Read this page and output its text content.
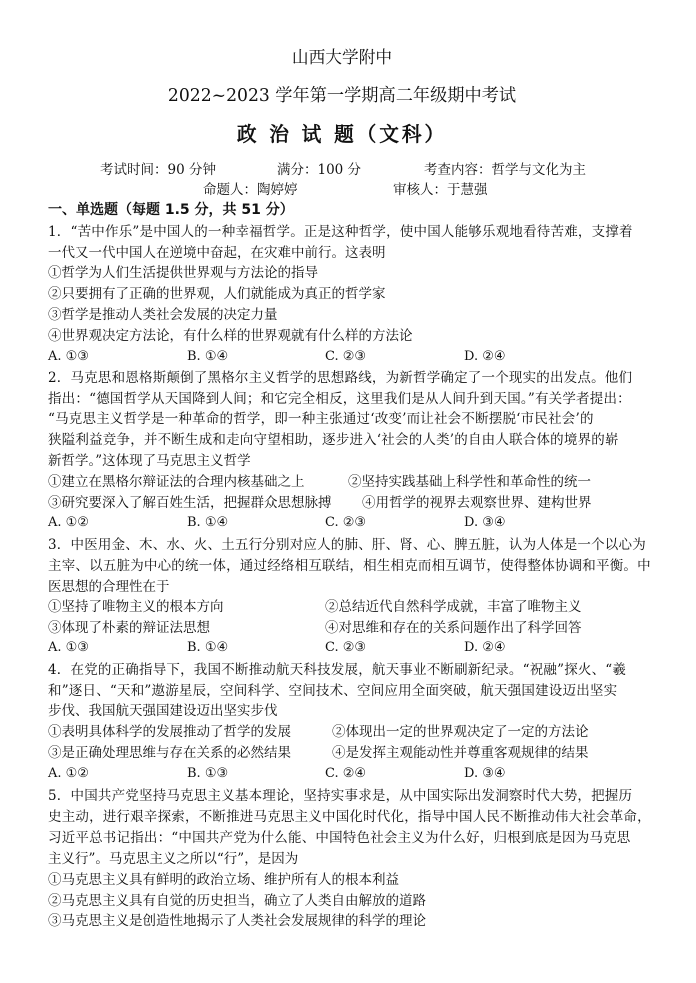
山西大学附中
2022~2023 学年第一学期高二年级期中考试
政 治 试 题（文科）
考试时间：90 分钟	满分：100 分	考查内容：哲学与文化为主
命题人：陶婷婷	审核人：于慧强
一、单选题（每题 1.5 分，共 51 分）
1．“苦中作乐”是中国人的一种幸福哲学。正是这种哲学，使中国人能够乐观地看待苦难，支撑着
一代又一代中国人在逆境中奋起，在灾难中前行。这表明
①哲学为人们生活提供世界观与方法论的指导
②只要拥有了正确的世界观，人们就能成为真正的哲学家
③哲学是推动人类社会发展的决定力量
④世界观决定方法论，有什么样的世界观就有什么样的方法论
A. ①③	B. ①④	C. ②③	D. ②④
2．马克思和恩格斯颠倒了黑格尔主义哲学的思想路线，为新哲学确定了一个现实的出发点。他们
指出：“德国哲学从天国降到人间；和它完全相反，这里我们是从人间升到天国。”有关学者提出：
“马克思主义哲学是一种革命的哲学，即一种主张通过‘改变’而让社会不断摆脱‘市民社会’的
狭隘利益竞争，并不断生成和走向守望相助，逐步进入‘社会的人类’的自由人联合体的境界的崭
新哲学。”这体现了马克思主义哲学
①建立在黑格尔辩证法的合理内核基础之上	②坚持实践基础上科学性和革命性的统一
③研究要深入了解百姓生活，把握群众思想脉搏 ④用哲学的视界去观察世界、建构世界
A. ①②	B. ①④	C. ②③	D. ③④
3．中医用金、木、水、火、土五行分别对应人的肺、肝、肾、心、脾五脏，认为人体是一个以心为
主宰、以五脏为中心的统一体，通过经络相互联结，相生相克而相互调节，使得整体协调和平衡。中
医思想的合理性在于
①坚持了唯物主义的根本方向	②总结近代自然科学成就，丰富了唯物主义
③体现了朴素的辩证法思想	④对思维和存在的关系问题作出了科学回答
A. ①③	B. ①④	C. ②③	D. ②④
4．在党的正确指导下，我国不断推动航天科技发展，航天事业不断刷新纪录。“祝融”探火、“羲
和”逐日、“天和”遨游星辰，空间科学、空间技术、空间应用全面突破，航天强国建设迈出坚实
步伐、我国航天强国建设迈出坚实步伐
①表明具体科学的发展推动了哲学的发展	②体现出一定的世界观决定了一定的方法论
③是正确处理思维与存在关系的必然结果	④是发挥主观能动性并尊重客观规律的结果
A. ①②	B. ①③	C. ②④	D. ③④
5．中国共产党坚持马克思主义基本理论，坚持实事求是，从中国实际出发洞察时代大势，把握历
史主动，进行艰辛探索，不断推进马克思主义中国化时代化，指导中国人民不断推动伟大社会革命，
习近平总书记指出：“中国共产党为什么能、中国特色社会主义为什么好，归根到底是因为马克思
主义行”。马克思主义之所以“行”，是因为
①马克思主义具有鲜明的政治立场、维护所有人的根本利益
②马克思主义具有自觉的历史担当，确立了人类自由解放的道路
③马克思主义是创造性地揭示了人类社会发展规律的科学的理论
